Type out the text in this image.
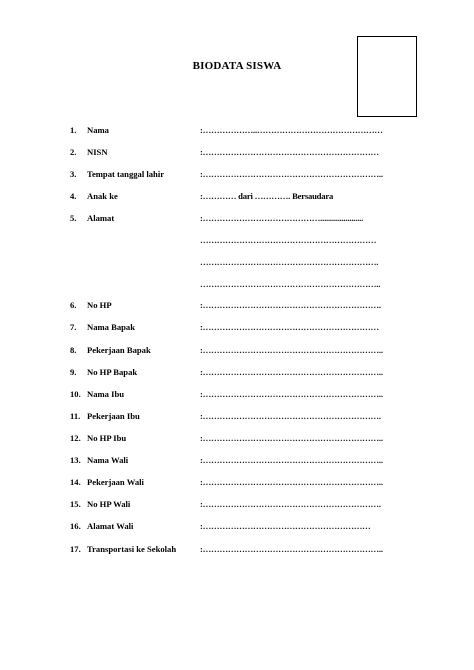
BIODATA SISWA
1. Nama	:………………..………………………………………
2. NISN	:………………………………………………………
3. Tempat tanggal lahir	:………………………………………………………..
4. Anak ke	:………… dari …………. Bersaudara
5. Alamat	:……………………………………......................
………………………………………………………
……………………………………………………….
………………………………………………………..
6. No HP	:……………………………………………………….
7. Nama Bapak	:………………………………………………………
8. Pekerjaan Bapak	:………………………………………………………..
9. No HP Bapak	:………………………………………………………..
10. Nama Ibu	:………………………………………………………..
11. Pekerjaan Ibu	:……………………………………………………….
12. No HP Ibu	:………………………………………………………..
13. Nama Wali	:………………………………………………………..
14. Pekerjaan Wali	:………………………………………………………..
15. No HP Wali	:……………………………………………………….
16. Alamat Wali	:……………………………………………………
17. Transportasi ke Sekolah	:………………………………………………………..
